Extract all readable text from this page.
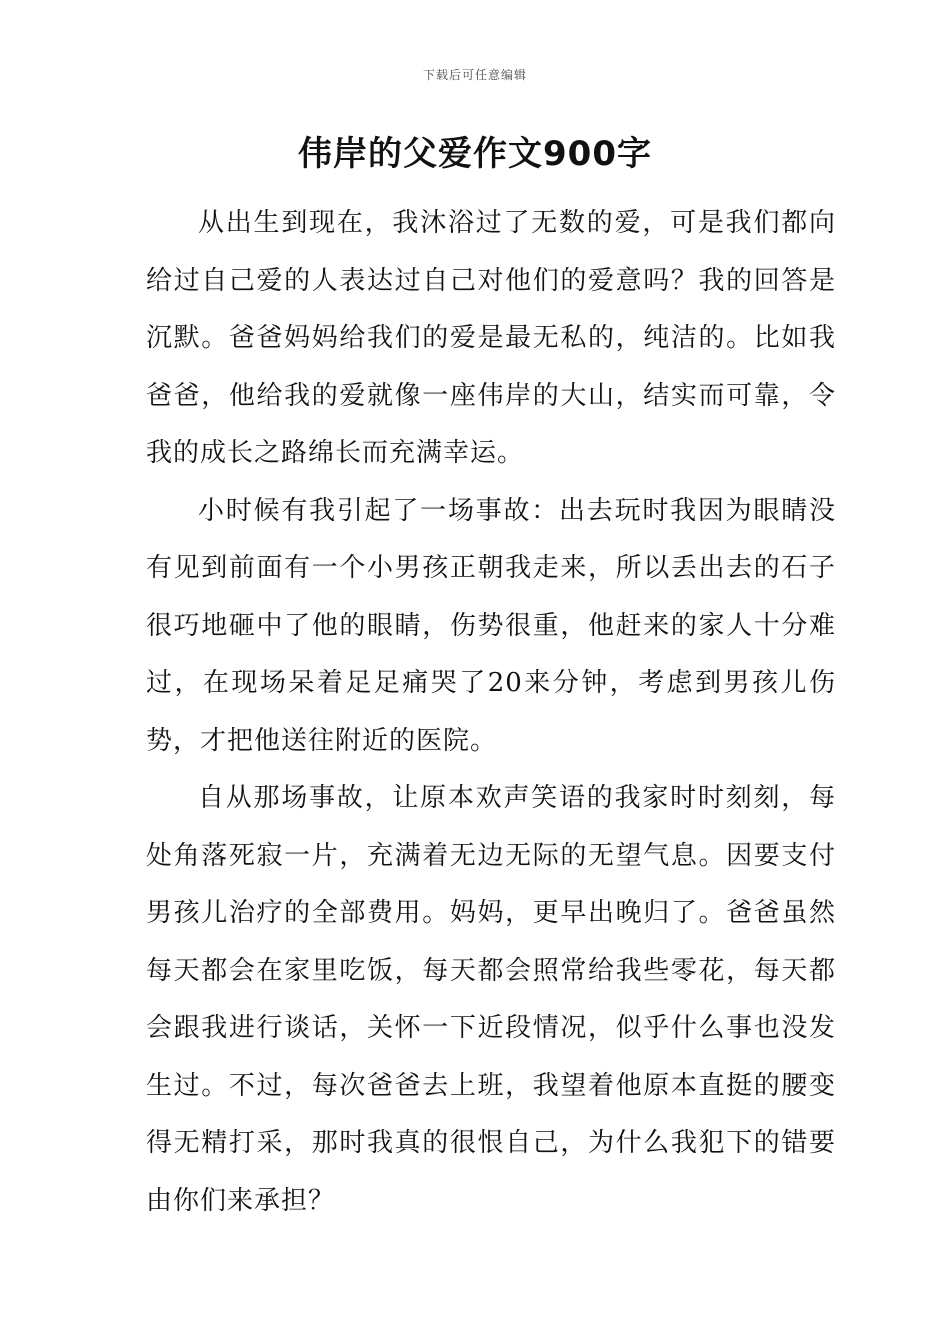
下载后可任意编辑
伟岸的父爱作文900字

从出生到现在，我沐浴过了无数的爱，可是我们都向给过自己爱的人表达过自己对他们的爱意吗？我的回答是沉默。爸爸妈妈给我们的爱是最无私的，纯洁的。比如我爸爸，他给我的爱就像一座伟岸的大山，结实而可靠，令我的成长之路绵长而充满幸运。

小时候有我引起了一场事故：出去玩时我因为眼睛没有见到前面有一个小男孩正朝我走来，所以丢出去的石子很巧地砸中了他的眼睛，伤势很重，他赶来的家人十分难过，在现场呆着足足痛哭了20来分钟，考虑到男孩儿伤势，才把他送往附近的医院。

自从那场事故，让原本欢声笑语的我家时时刻刻，每处角落死寂一片，充满着无边无际的无望气息。因要支付男孩儿治疗的全部费用。妈妈，更早出晚归了。爸爸虽然每天都会在家里吃饭，每天都会照常给我些零花，每天都会跟我进行谈话，关怀一下近段情况，似乎什么事也没发生过。不过，每次爸爸去上班，我望着他原本直挺的腰变得无精打采，那时我真的很恨自己，为什么我犯下的错要由你们来承担？
